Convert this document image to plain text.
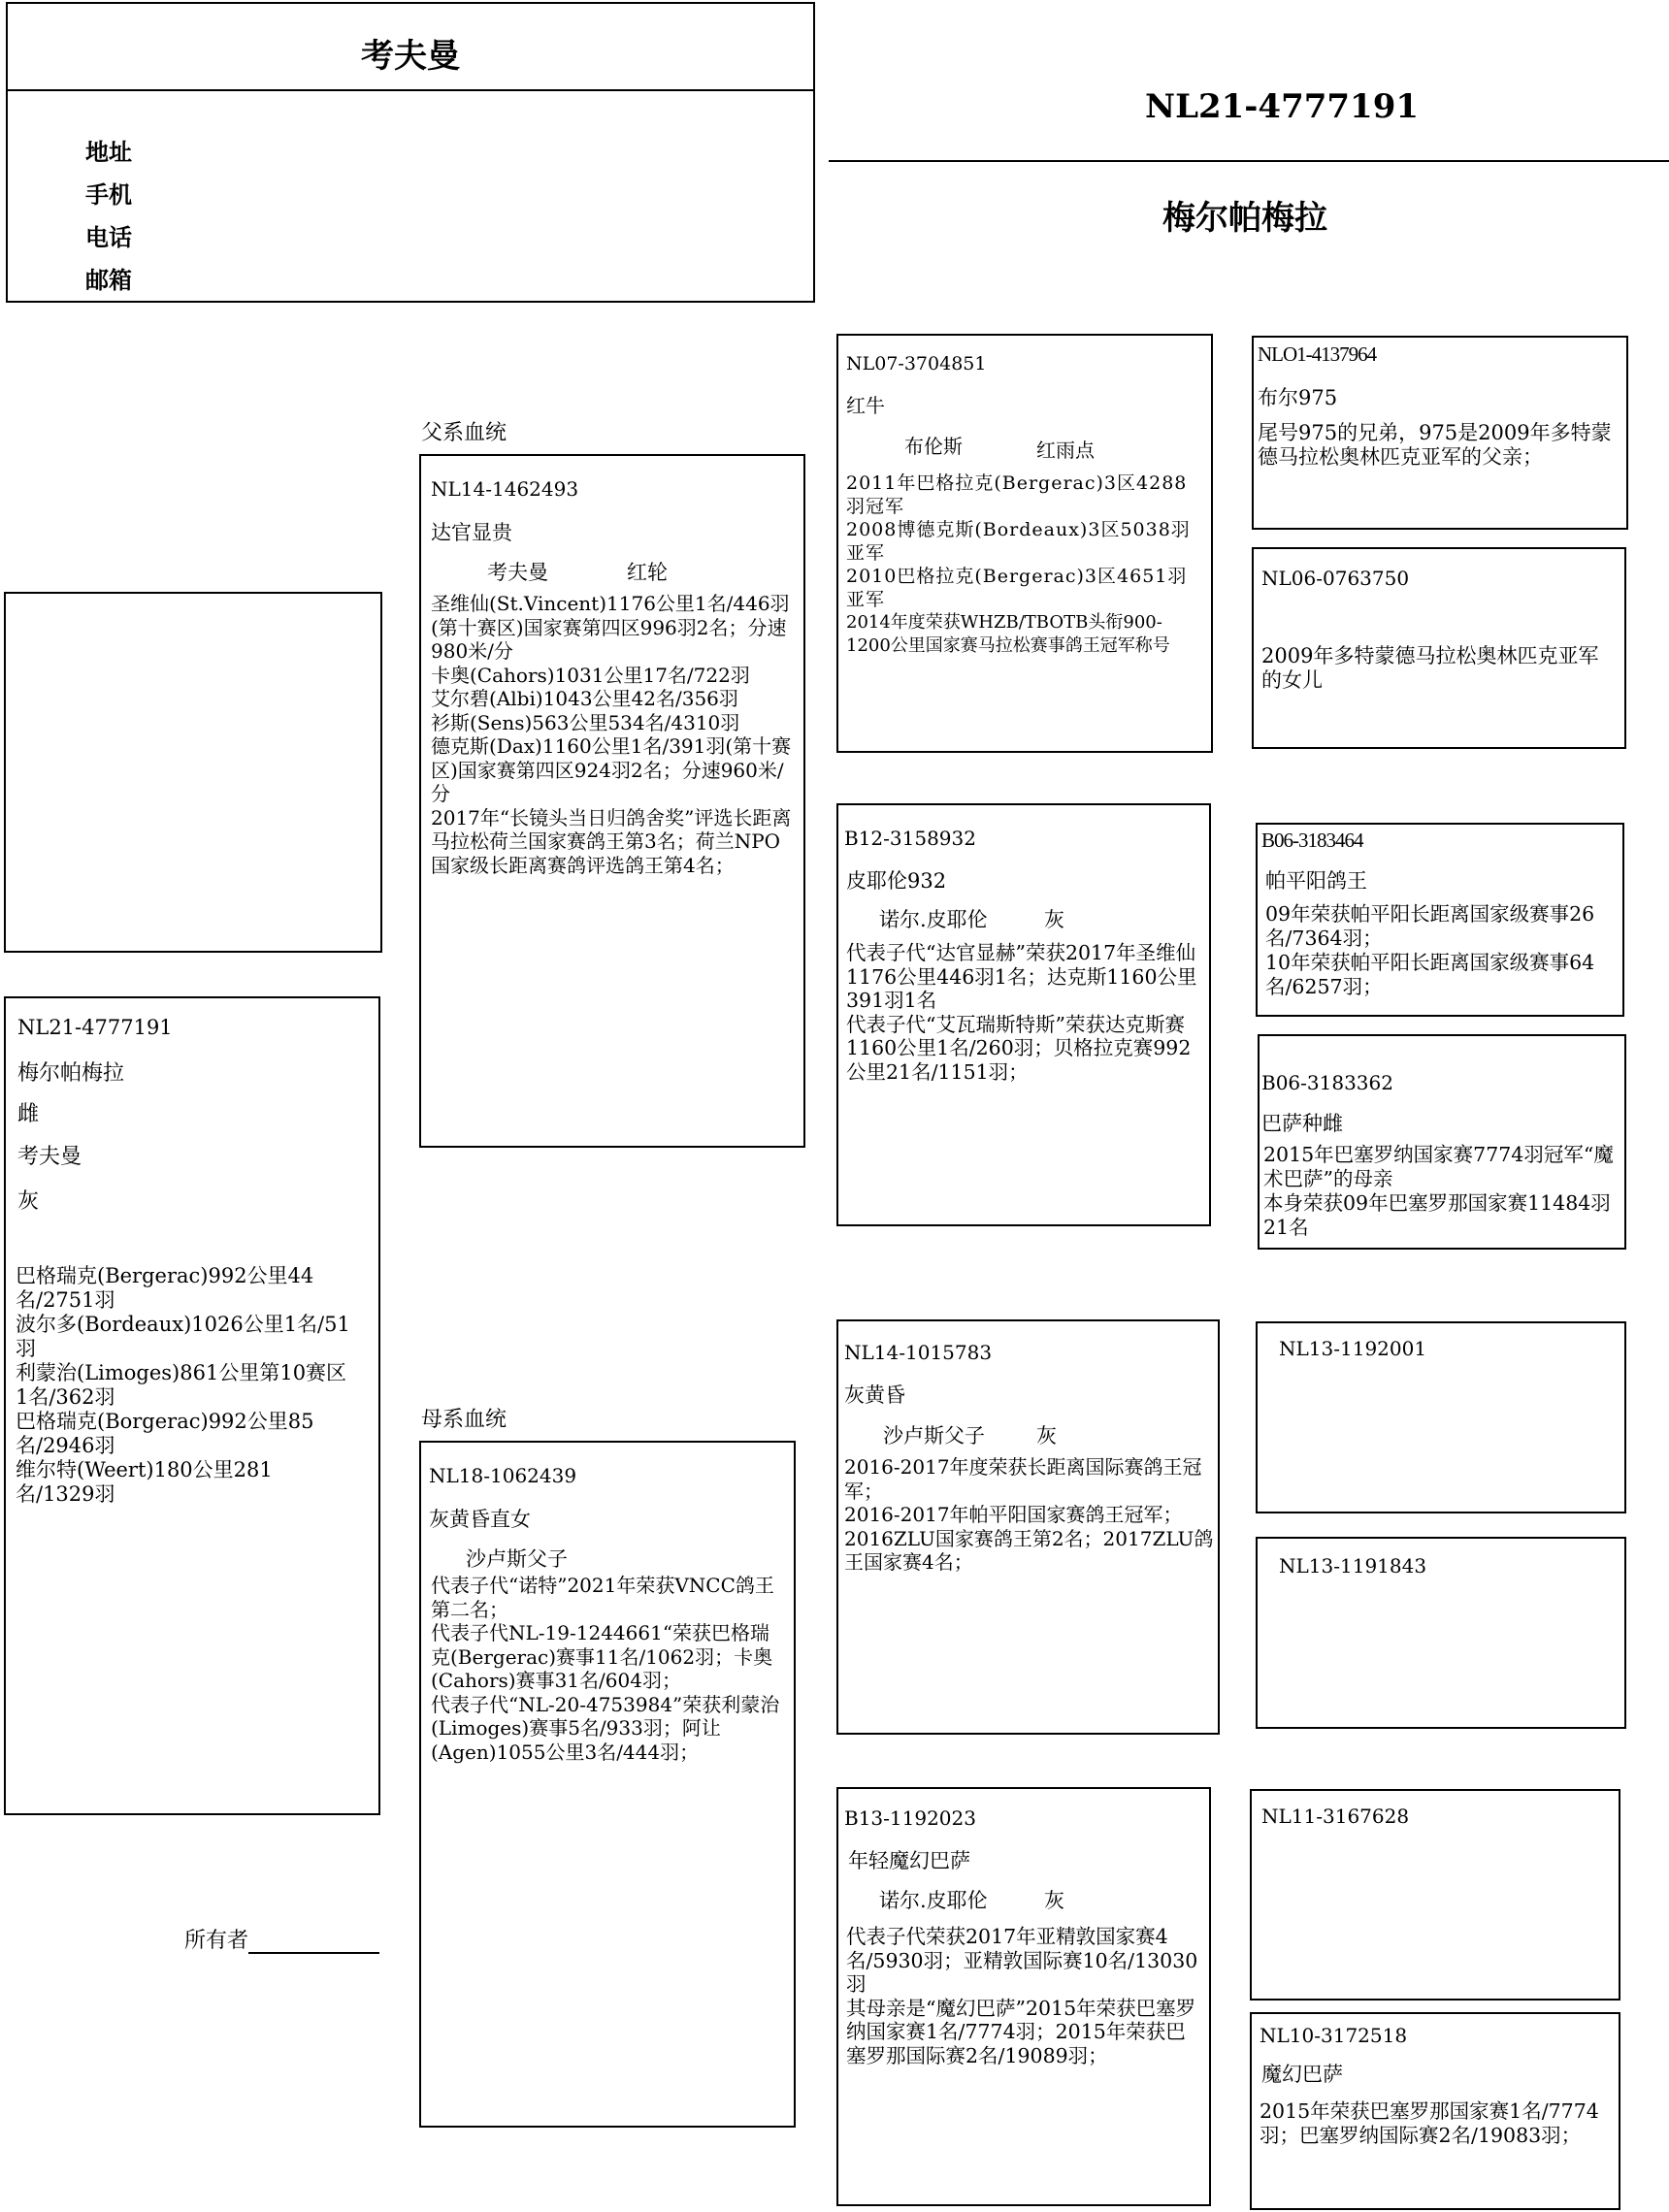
考夫曼
地址
手机
电话
邮箱
NL21-4777191
梅尔帕梅拉
NL21-4777191
梅尔帕梅拉
雌
考夫曼
灰
巴格瑞克(Bergerac)992公里44名/2751羽
波尔多(Bordeaux)1026公里1名/51羽
利蒙治(Limoges)861公里第10赛区1名/362羽
巴格瑞克(Borgerac)992公里85名/2946羽
维尔特(Weert)180公里281名/1329羽
所有者
父系血统
NL14-1462493
达官显贵
考夫曼	红轮
圣维仙(St.Vincent)1176公里1名/446羽(第十赛区)国家赛第四区996羽2名；分速980米/分
卡奥(Cahors)1031公里17名/722羽
艾尔碧(Albi)1043公里42名/356羽
衫斯(Sens)563公里534名/4310羽
德克斯(Dax)1160公里1名/391羽(第十赛区)国家赛第四区924羽2名；分速960米/分
2017年“长镜头当日归鸽舍奖”评选长距离马拉松荷兰国家赛鸽王第3名；荷兰NPO国家级长距离赛鸽评选鸽王第4名；
母系血统
NL18-1062439
灰黄昏直女
沙卢斯父子
代表子代“诺特”2021年荣获VNCC鸽王第二名；
代表子代NL-19-1244661“荣获巴格瑞克(Bergerac)赛事11名/1062羽；卡奥(Cahors)赛事31名/604羽；
代表子代“NL-20-4753984”荣获利蒙治(Limoges)赛事5名/933羽；阿让(Agen)1055公里3名/444羽；
NL07-3704851
红牛
布伦斯	红雨点
2011年巴格拉克(Bergerac)3区4288羽冠军
2008博德克斯(Bordeaux)3区5038羽亚军
2010巴格拉克(Bergerac)3区4651羽亚军
2014年度荣获WHZB/TBOTB头衔900-1200公里国家赛马拉松赛事鸽王冠军称号
B12-3158932
皮耶伦932
诺尔.皮耶伦	灰
代表子代“达官显赫”荣获2017年圣维仙1176公里446羽1名；达克斯1160公里391羽1名
代表子代“艾瓦瑞斯特斯”荣获达克斯赛1160公里1名/260羽；贝格拉克赛992公里21名/1151羽；
NL14-1015783
灰黄昏
沙卢斯父子	灰
2016-2017年度荣获长距离国际赛鸽王冠军；
2016-2017年帕平阳国家赛鸽王冠军；2016ZLU国家赛鸽王第2名；2017ZLU鸽王国家赛4名；
B13-1192023
年轻魔幻巴萨
诺尔.皮耶伦	灰
代表子代荣获2017年亚精敦国家赛4名/5930羽；亚精敦国际赛10名/13030羽
其母亲是“魔幻巴萨”2015年荣获巴塞罗纳国家赛1名/7774羽；2015年荣获巴塞罗那国际赛2名/19089羽；
NLO1-4137964
布尔975
尾号975的兄弟，975是2009年多特蒙德马拉松奥林匹克亚军的父亲；
NL06-0763750
2009年多特蒙德马拉松奥林匹克亚军的女儿
B06-3183464
帕平阳鸽王
09年荣获帕平阳长距离国家级赛事26名/7364羽；
10年荣获帕平阳长距离国家级赛事64 名/6257羽；
B06-3183362
巴萨种雌
2015年巴塞罗纳国家赛7774羽冠军“魔术巴萨”的母亲
本身荣获09年巴塞罗那国家赛11484羽 21名
NL13-1192001
NL13-1191843
NL11-3167628
NL10-3172518
魔幻巴萨
2015年荣获巴塞罗那国家赛1名/7774羽；巴塞罗纳国际赛2名/19083羽；
